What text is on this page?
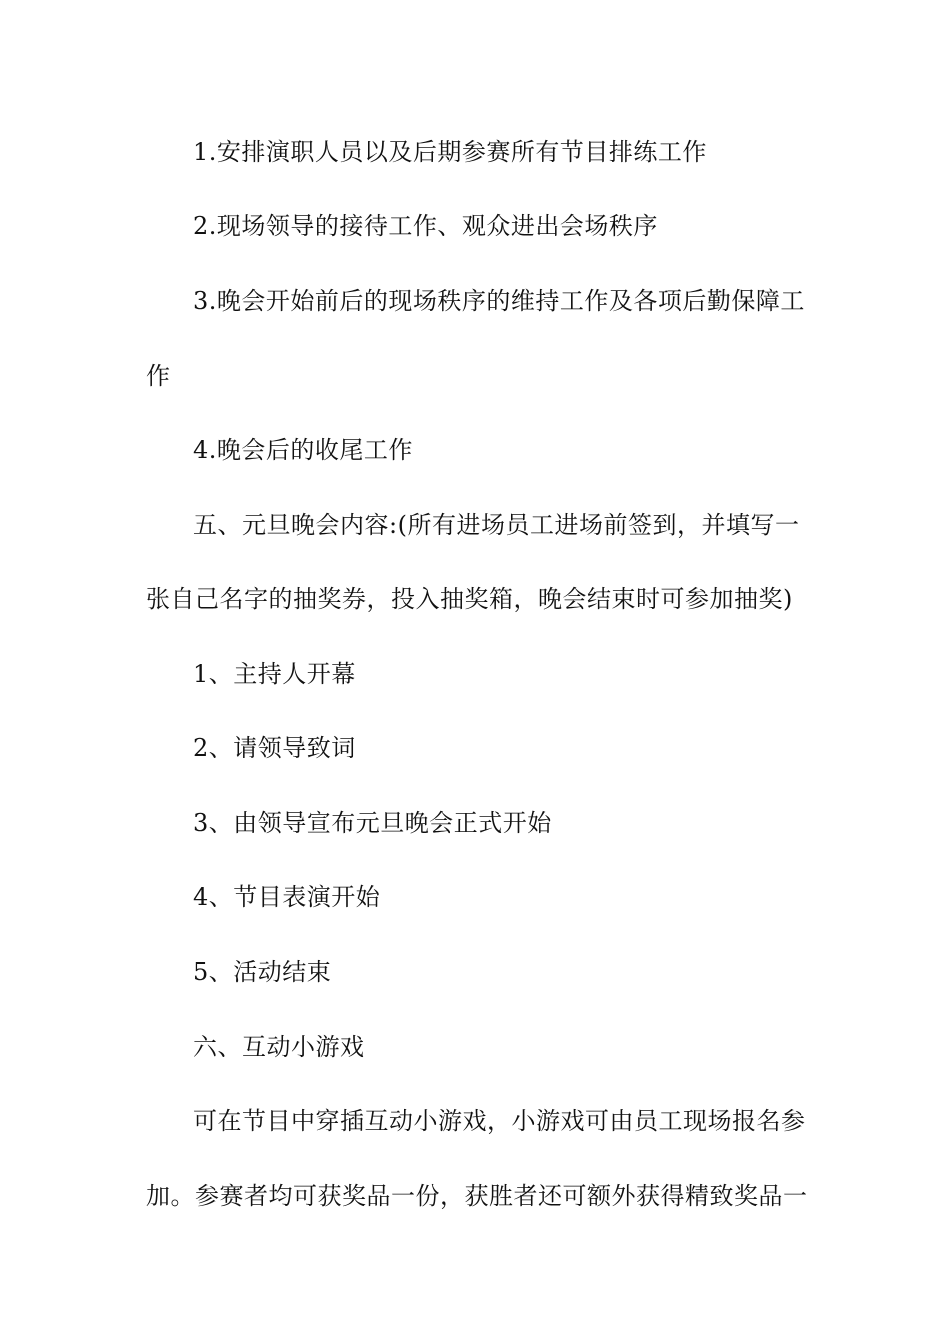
1.安排演职人员以及后期参赛所有节目排练工作
2.现场领导的接待工作、观众进出会场秩序
3.晚会开始前后的现场秩序的维持工作及各项后勤保障工
作
4.晚会后的收尾工作
五、元旦晚会内容:(所有进场员工进场前签到，并填写一
张自己名字的抽奖券，投入抽奖箱，晚会结束时可参加抽奖)
1、主持人开幕
2、请领导致词
3、由领导宣布元旦晚会正式开始
4、节目表演开始
5、活动结束
六、互动小游戏
可在节目中穿插互动小游戏，小游戏可由员工现场报名参
加。参赛者均可获奖品一份，获胜者还可额外获得精致奖品一
